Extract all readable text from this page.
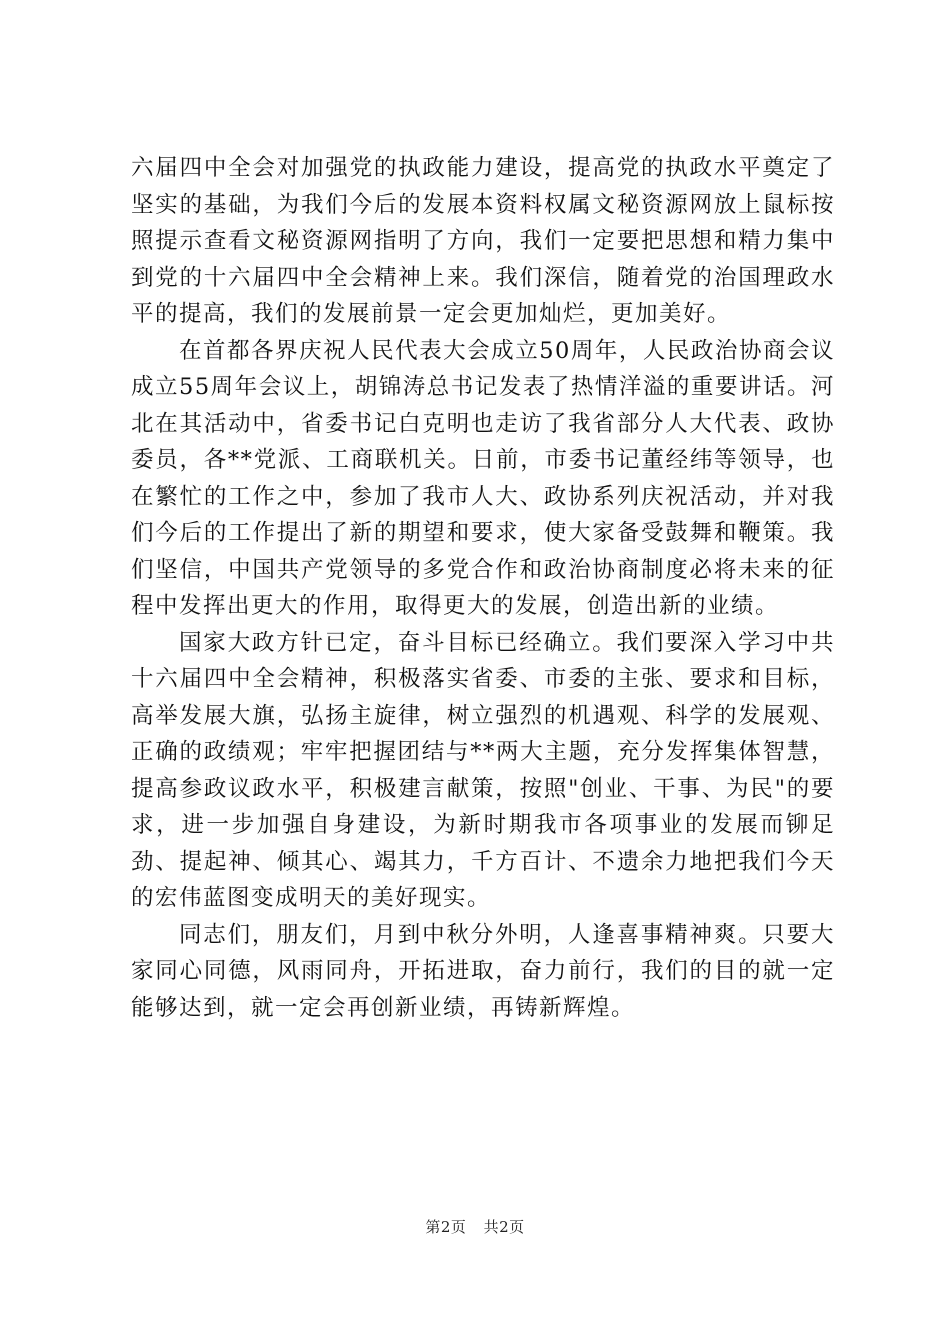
六届四中全会对加强党的执政能力建设，提高党的执政水平奠定了坚实的基础，为我们今后的发展本资料权属文秘资源网放上鼠标按照提示查看文秘资源网指明了方向，我们一定要把思想和精力集中到党的十六届四中全会精神上来。我们深信，随着党的治国理政水平的提高，我们的发展前景一定会更加灿烂，更加美好。

在首都各界庆祝人民代表大会成立50周年，人民政治协商会议成立55周年会议上，胡锦涛总书记发表了热情洋溢的重要讲话。河北在其活动中，省委书记白克明也走访了我省部分人大代表、政协委员，各**党派、工商联机关。日前，市委书记董经纬等领导，也在繁忙的工作之中，参加了我市人大、政协系列庆祝活动，并对我们今后的工作提出了新的期望和要求，使大家备受鼓舞和鞭策。我们坚信，中国共产党领导的多党合作和政治协商制度必将未来的征程中发挥出更大的作用，取得更大的发展，创造出新的业绩。

国家大政方针已定，奋斗目标已经确立。我们要深入学习中共十六届四中全会精神，积极落实省委、市委的主张、要求和目标，高举发展大旗，弘扬主旋律，树立强烈的机遇观、科学的发展观、正确的政绩观；牢牢把握团结与**两大主题，充分发挥集体智慧，提高参政议政水平，积极建言献策，按照"创业、干事、为民"的要求，进一步加强自身建设，为新时期我市各项事业的发展而铆足劲、提起神、倾其心、竭其力，千方百计、不遗余力地把我们今天的宏伟蓝图变成明天的美好现实。

同志们，朋友们，月到中秋分外明，人逢喜事精神爽。只要大家同心同德，风雨同舟，开拓进取，奋力前行，我们的目的就一定能够达到，就一定会再创新业绩，再铸新辉煌。

第2页 共2页
